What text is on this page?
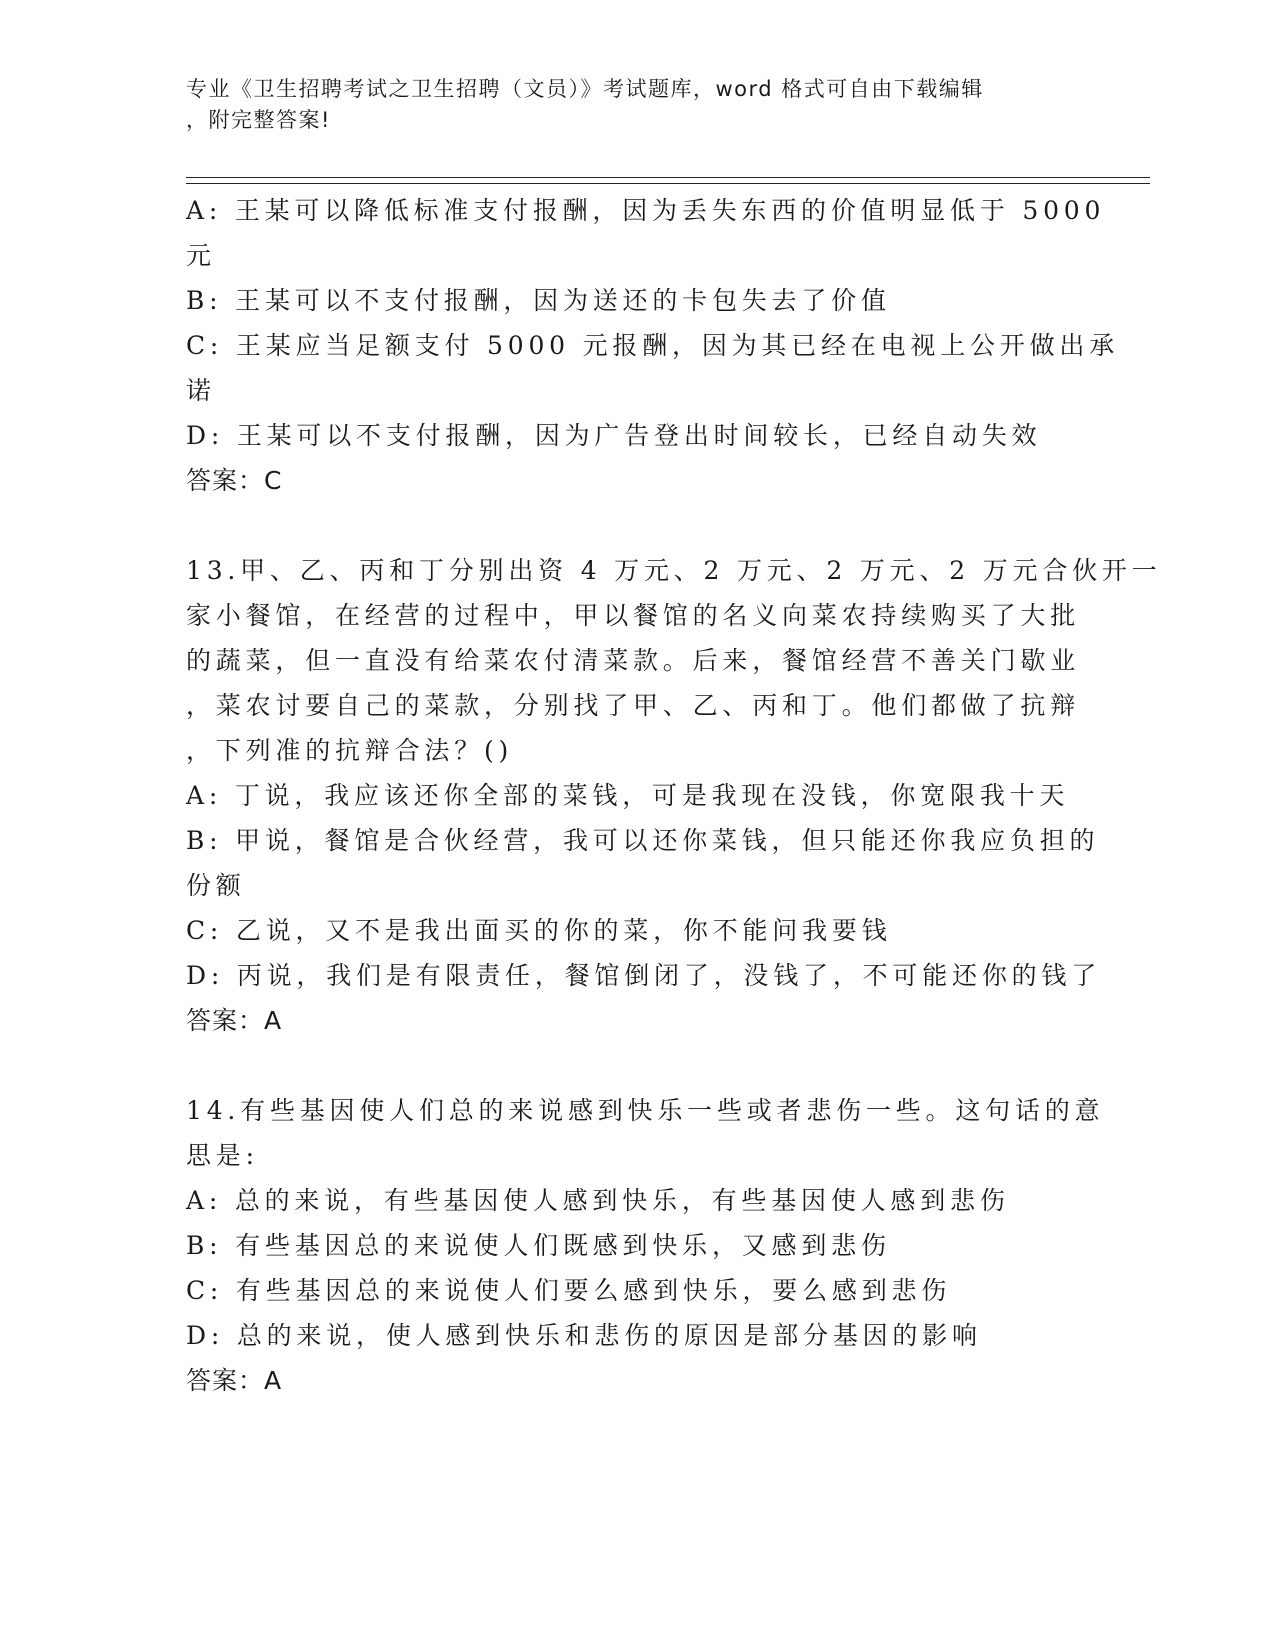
专业《卫生招聘考试之卫生招聘（文员）》考试题库，word 格式可自由下载编辑
，附完整答案!
A: 王某可以降低标准支付报酬，因为丢失东西的价值明显低于 5000
元
B: 王某可以不支付报酬，因为送还的卡包失去了价值
C: 王某应当足额支付 5000 元报酬，因为其已经在电视上公开做出承
诺
D: 王某可以不支付报酬，因为广告登出时间较长，已经自动失效
答案：C
13.甲、乙、丙和丁分别出资 4 万元、2 万元、2 万元、2 万元合伙开一
家小餐馆，在经营的过程中，甲以餐馆的名义向菜农持续购买了大批
的蔬菜，但一直没有给菜农付清菜款。后来，餐馆经营不善关门歇业
，菜农讨要自己的菜款，分别找了甲、乙、丙和丁。他们都做了抗辩
，下列准的抗辩合法？()
A: 丁说，我应该还你全部的菜钱，可是我现在没钱，你宽限我十天
B: 甲说，餐馆是合伙经营，我可以还你菜钱，但只能还你我应负担的
份额
C: 乙说，又不是我出面买的你的菜，你不能问我要钱
D: 丙说，我们是有限责任，餐馆倒闭了，没钱了，不可能还你的钱了
答案：A
14.有些基因使人们总的来说感到快乐一些或者悲伤一些。这句话的意
思是:
A: 总的来说，有些基因使人感到快乐，有些基因使人感到悲伤
B: 有些基因总的来说使人们既感到快乐，又感到悲伤
C: 有些基因总的来说使人们要么感到快乐，要么感到悲伤
D: 总的来说，使人感到快乐和悲伤的原因是部分基因的影响
答案：A
